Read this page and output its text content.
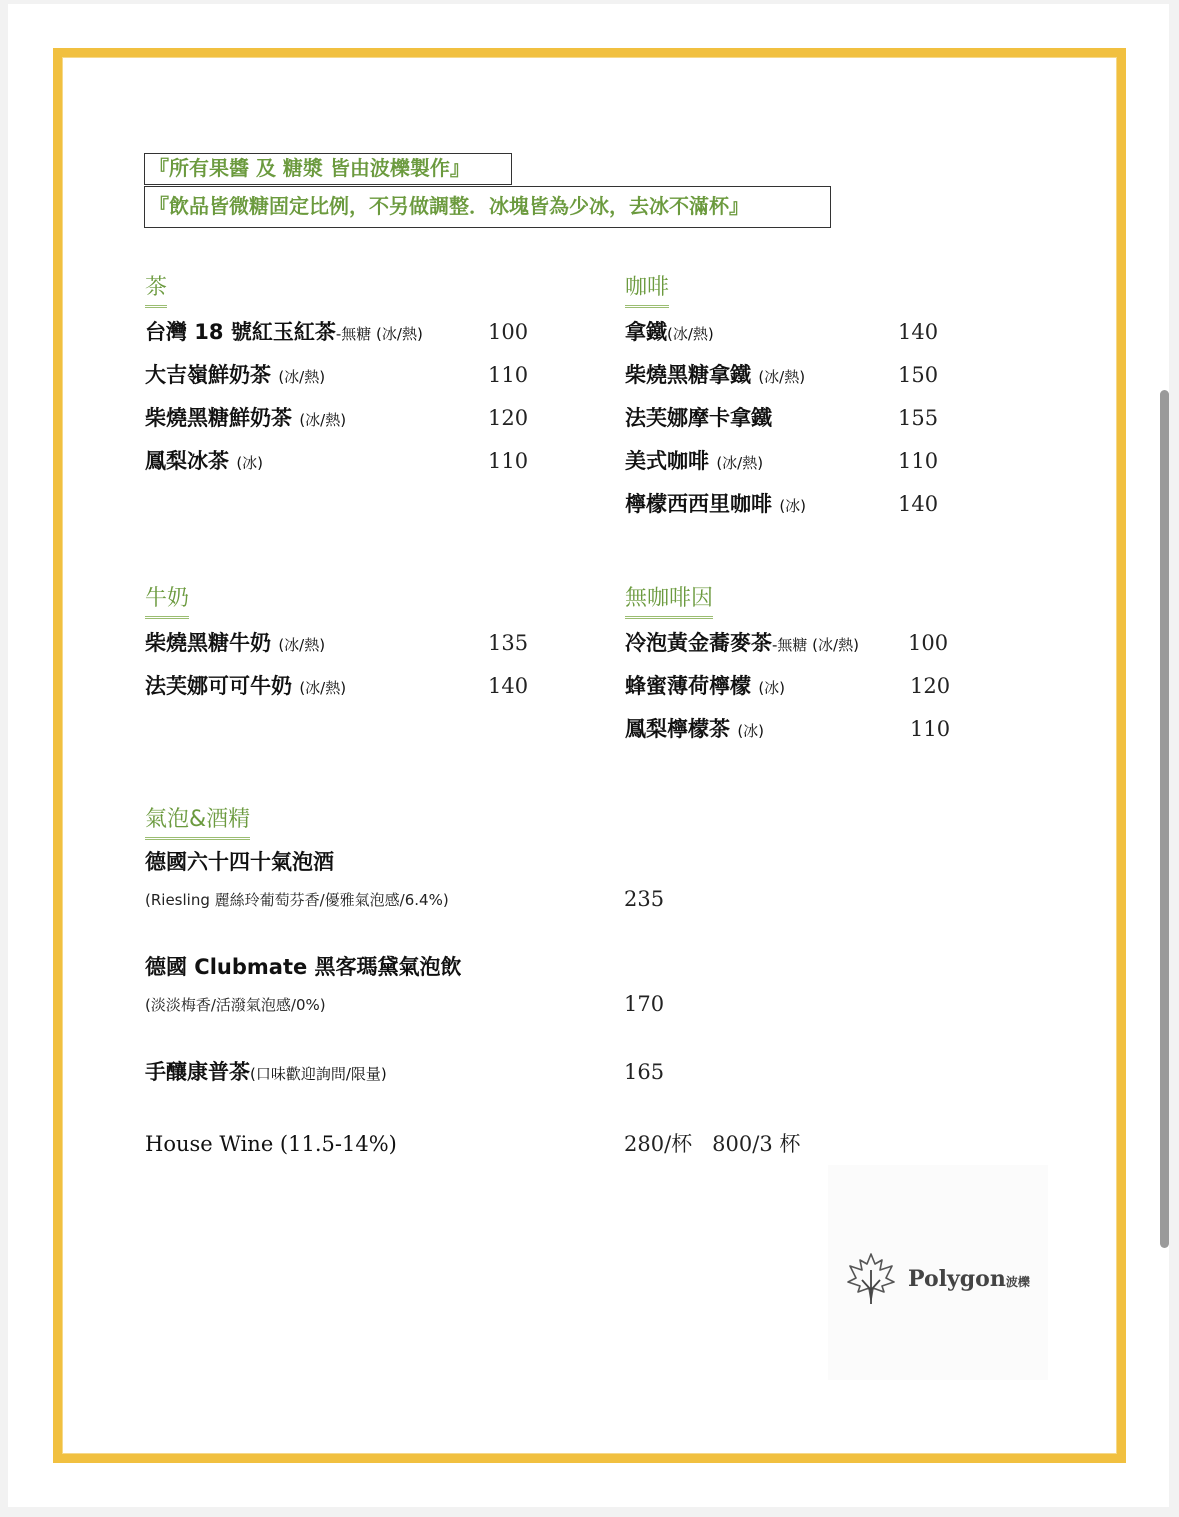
『所有果醬 及 糖漿 皆由波櫟製作』
『飲品皆微糖固定比例，不另做調整．冰塊皆為少冰，去冰不滿杯』
茶
台灣 18 號紅玉紅茶-無糖 (冰/熱)	100
大吉嶺鮮奶茶 (冰/熱)	110
柴燒黑糖鮮奶茶 (冰/熱)	120
鳳梨冰茶 (冰)	110
咖啡
拿鐵(冰/熱)	140
柴燒黑糖拿鐵 (冰/熱)	150
法芙娜摩卡拿鐵	155
美式咖啡 (冰/熱)	110
檸檬西西里咖啡 (冰)	140
牛奶
柴燒黑糖牛奶 (冰/熱)	135
法芙娜可可牛奶 (冰/熱)	140
無咖啡因
冷泡黃金蕎麥茶-無糖 (冰/熱) 100
蜂蜜薄荷檸檬 (冰)	120
鳳梨檸檬茶 (冰)	110
氣泡&酒精
德國六十四十氣泡酒
(Riesling 麗絲玲葡萄芬香/優雅氣泡感/6.4%)	235
德國 Clubmate 黑客瑪黛氣泡飲
(淡淡梅香/活潑氣泡感/0%)	170
手釀康普茶(口味歡迎詢問/限量)	165
House Wine (11.5-14%)	280/杯   800/3 杯
Polygon波櫟
